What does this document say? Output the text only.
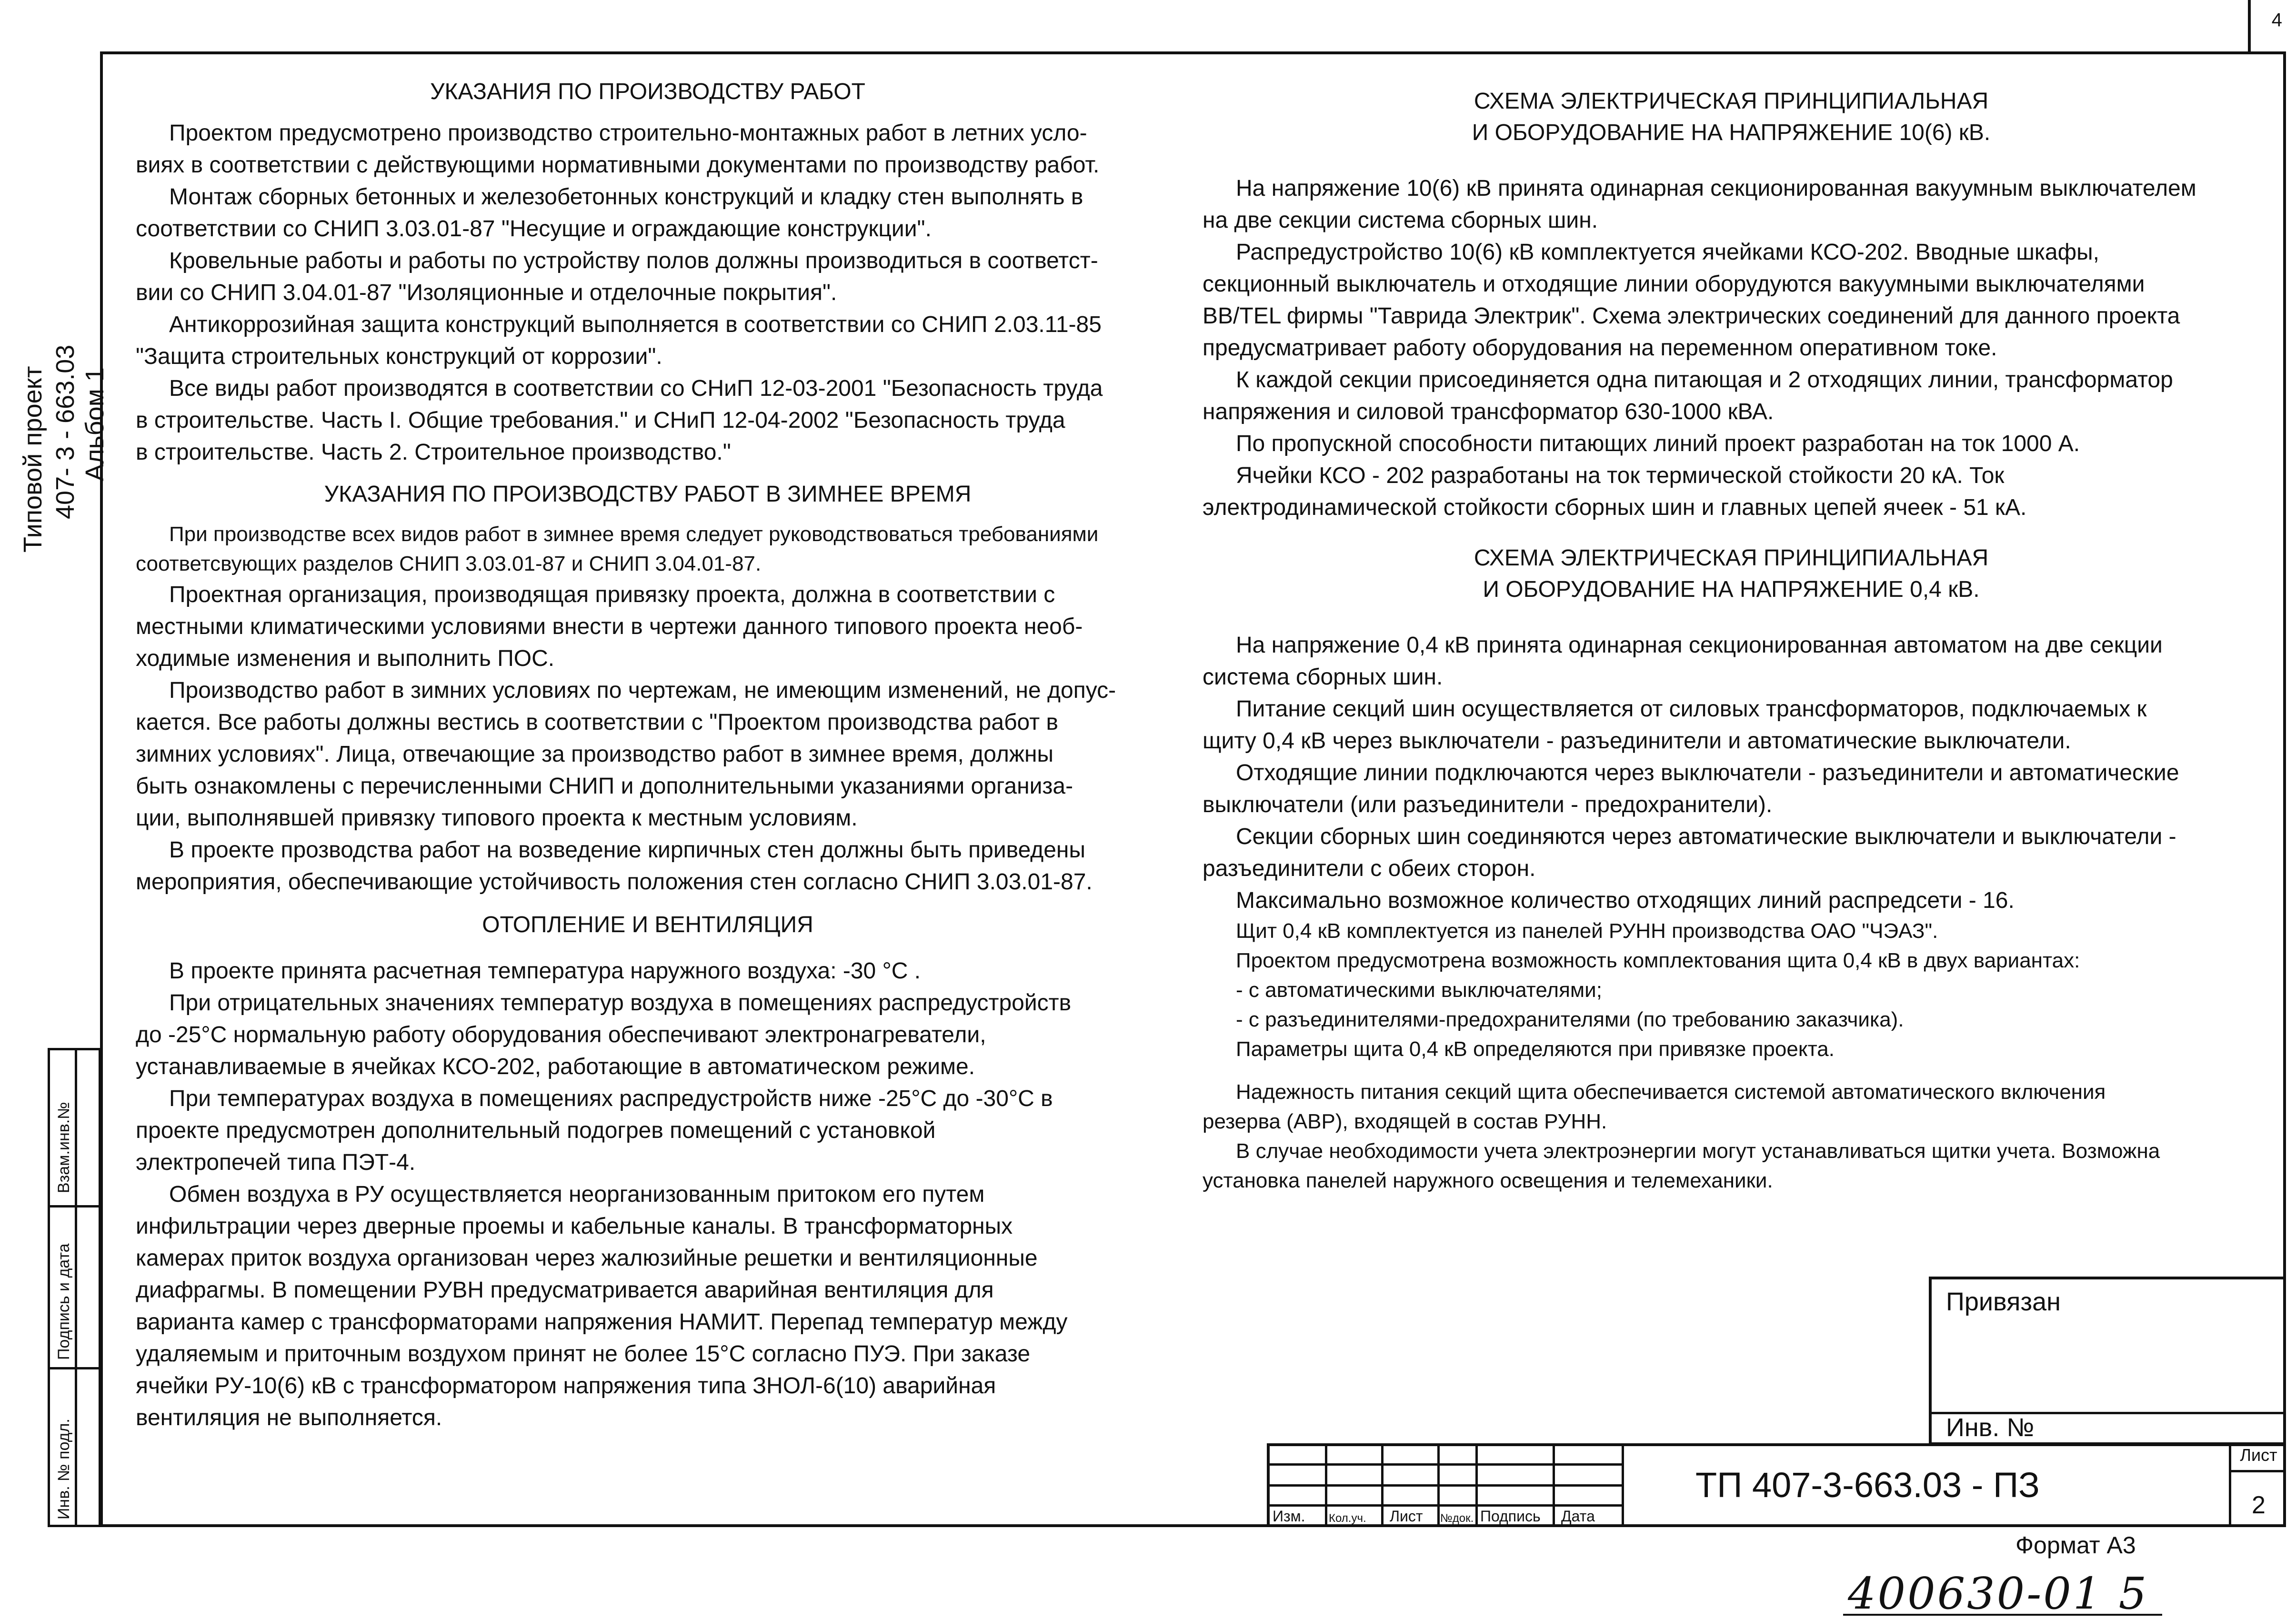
4
Типовой проект 407- 3 - 663.03 Альбом 1
Взам.инв.№
Подпись и дата
Инв. № подл.

УКАЗАНИЯ ПО ПРОИЗВОДСТВУ РАБОТ

Проектом предусмотрено производство строительно-монтажных работ в летних усло-
виях в соответствии с действующими нормативными документами по производству работ.

Монтаж сборных бетонных и железобетонных конструкций и кладку стен выполнять в
соответствии со СНИП 3.03.01-87 "Несущие и ограждающие конструкции".

Кровельные работы и работы по устройству полов должны производиться в соответст-
вии со СНИП 3.04.01-87 "Изоляционные и отделочные покрытия".

Антикоррозийная защита конструкций выполняется в соответствии со СНИП 2.03.11-85
"Защита строительных конструкций от коррозии".

Все виды работ производятся в соответствии со СНиП 12-03-2001 "Безопасность труда
в строительстве. Часть I. Общие требования." и СНиП 12-04-2002 "Безопасность труда
в строительстве. Часть 2. Строительное производство."

УКАЗАНИЯ ПО ПРОИЗВОДСТВУ РАБОТ В ЗИМНЕЕ ВРЕМЯ

При производстве всех видов работ в зимнее время следует руководствоваться требованиями
соответсвующих разделов СНИП 3.03.01-87 и СНИП 3.04.01-87.

Проектная организация, производящая привязку проекта, должна в соответствии с
местными климатическими условиями внести в чертежи данного типового проекта необ-
ходимые изменения и выполнить ПОС.

Производство работ в зимних условиях по чертежам, не имеющим изменений, не допус-
кается. Все работы должны вестись в соответствии с "Проектом производства работ в
зимних условиях". Лица, отвечающие за производство работ в зимнее время, должны
быть ознакомлены с перечисленными СНИП и дополнительными указаниями организа-
ции, выполнявшей привязку типового проекта к местным условиям.

В проекте прозводства работ на возведение кирпичных стен должны быть приведены
мероприятия, обеспечивающие устойчивость положения стен согласно СНИП 3.03.01-87.

ОТОПЛЕНИЕ И ВЕНТИЛЯЦИЯ

В проекте принята расчетная температура наружного воздуха: -30 °С .

При отрицательных значениях температур воздуха в помещениях распредустройств
до -25°С нормальную работу оборудования обеспечивают электронагреватели,
устанавливаемые в ячейках КСО-202, работающие в автоматическом режиме.

При температурах воздуха в помещениях распредустройств ниже -25°С до -30°С в
проекте предусмотрен дополнительный подогрев помещений с установкой
электропечей типа ПЭТ-4.

Обмен воздуха в РУ осуществляется неорганизованным притоком его путем
инфильтрации через дверные проемы и кабельные каналы. В трансформаторных
камерах приток воздуха организован через жалюзийные решетки и вентиляционные
диафрагмы. В помещении РУВН предусматривается аварийная вентиляция для
варианта камер с трансформаторами напряжения НАМИТ. Перепад температур между
удаляемым и приточным воздухом принят не более 15°С согласно ПУЭ. При заказе
ячейки РУ-10(6) кВ с трансформатором напряжения типа ЗНОЛ-6(10) аварийная
вентиляция не выполняется.

СХЕМА ЭЛЕКТРИЧЕСКАЯ ПРИНЦИПИАЛЬНАЯ
И ОБОРУДОВАНИЕ НА НАПРЯЖЕНИЕ 10(6) кВ.

На напряжение 10(6) кВ принята одинарная секционированная вакуумным выключателем
на две секции система сборных шин.

Распредустройство 10(6) кВ комплектуется ячейками КСО-202. Вводные шкафы,
секционный выключатель и отходящие линии оборудуются вакуумными выключателями
BB/TEL фирмы "Таврида Электрик". Схема электрических соединений для данного проекта
предусматривает работу оборудования на переменном оперативном токе.

К каждой секции присоединяется одна питающая и 2 отходящих линии, трансформатор
напряжения и силовой трансформатор 630-1000 кВА.

По пропускной способности питающих линий проект разработан на ток 1000 А.

Ячейки КСО - 202 разработаны на ток термической стойкости 20 кА. Ток
электродинамической стойкости сборных шин и главных цепей ячеек - 51 кА.

СХЕМА ЭЛЕКТРИЧЕСКАЯ ПРИНЦИПИАЛЬНАЯ
И ОБОРУДОВАНИЕ НА НАПРЯЖЕНИЕ 0,4 кВ.

На напряжение 0,4 кВ принята одинарная секционированная автоматом на две секции
система сборных шин.

Питание секций шин осуществляется от силовых трансформаторов, подключаемых к
щиту 0,4 кВ через выключатели - разъединители и автоматические выключатели.

Отходящие линии подключаются через выключатели - разъединители и автоматические
выключатели (или разъединители - предохранители).

Секции сборных шин соединяются через автоматические выключатели и выключатели -
разъединители с обеих сторон.

Максимально возможное количество отходящих линий распредсети - 16.

Щит 0,4 кВ комплектуется из панелей РУНН производства ОАО "ЧЭАЗ".

Проектом предусмотрена возможность комплектования щита 0,4 кВ в двух вариантах:

- с автоматическими выключателями;

- с разъединителями-предохранителями (по требованию заказчика).

Параметры щита 0,4 кВ определяются при привязке проекта.

Надежность питания секций щита обеспечивается системой автоматического включения
резерва (АВР), входящей в состав РУНН.

В случае необходимости учета электроэнергии могут устанавливаться щитки учета. Возможна
установка панелей наружного освещения и телемеханики.

Привязан
Инв. №
Изм. Кол.уч. Лист №док. Подпись Дата
ТП 407-3-663.03 - ПЗ
Лист
2
Формат А3
400630-01 5
